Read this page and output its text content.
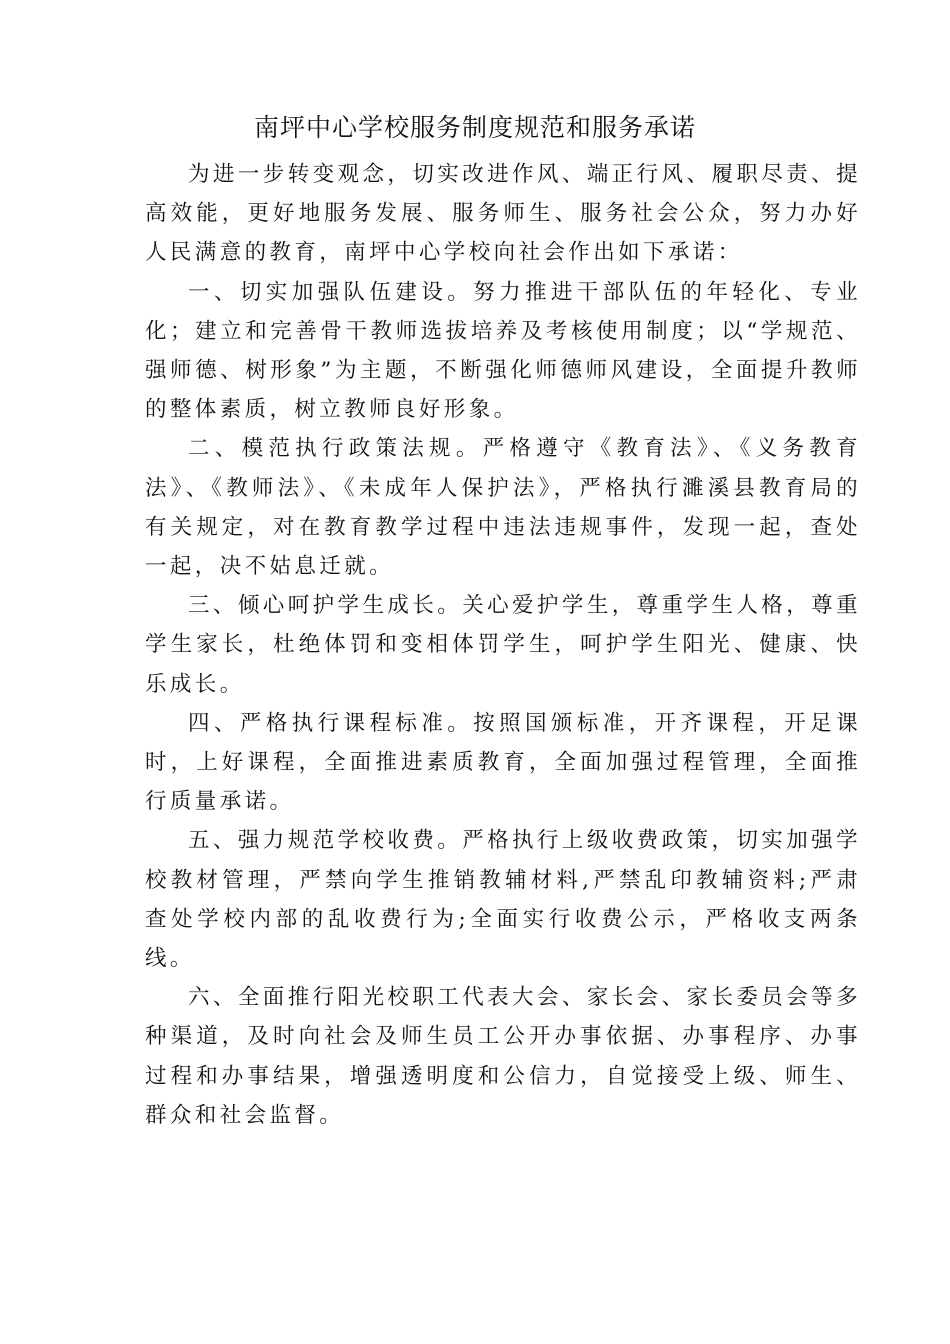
南坪中心学校服务制度规范和服务承诺

为进一步转变观念，切实改进作风、端正行风、履职尽责、提高效能，更好地服务发展、服务师生、服务社会公众，努力办好人民满意的教育，南坪中心学校向社会作出如下承诺：

一、切实加强队伍建设。努力推进干部队伍的年轻化、专业化；建立和完善骨干教师选拔培养及考核使用制度；以“学规范、强师德、树形象”为主题，不断强化师德师风建设，全面提升教师的整体素质，树立教师良好形象。

二、模范执行政策法规。严格遵守《教育法》、《义务教育法》、《教师法》、《未成年人保护法》，严格执行濉溪县教育局的有关规定，对在教育教学过程中违法违规事件，发现一起，查处一起，决不姑息迁就。

三、倾心呵护学生成长。关心爱护学生，尊重学生人格，尊重学生家长，杜绝体罚和变相体罚学生，呵护学生阳光、健康、快乐成长。

四、严格执行课程标准。按照国颁标准，开齐课程，开足课时，上好课程，全面推进素质教育，全面加强过程管理，全面推行质量承诺。

五、强力规范学校收费。严格执行上级收费政策，切实加强学校教材管理，严禁向学生推销教辅材料,严禁乱印教辅资料;严肃查处学校内部的乱收费行为;全面实行收费公示，严格收支两条线。

六、全面推行阳光校职工代表大会、家长会、家长委员会等多种渠道，及时向社会及师生员工公开办事依据、办事程序、办事过程和办事结果，增强透明度和公信力，自觉接受上级、师生、群众和社会监督。
